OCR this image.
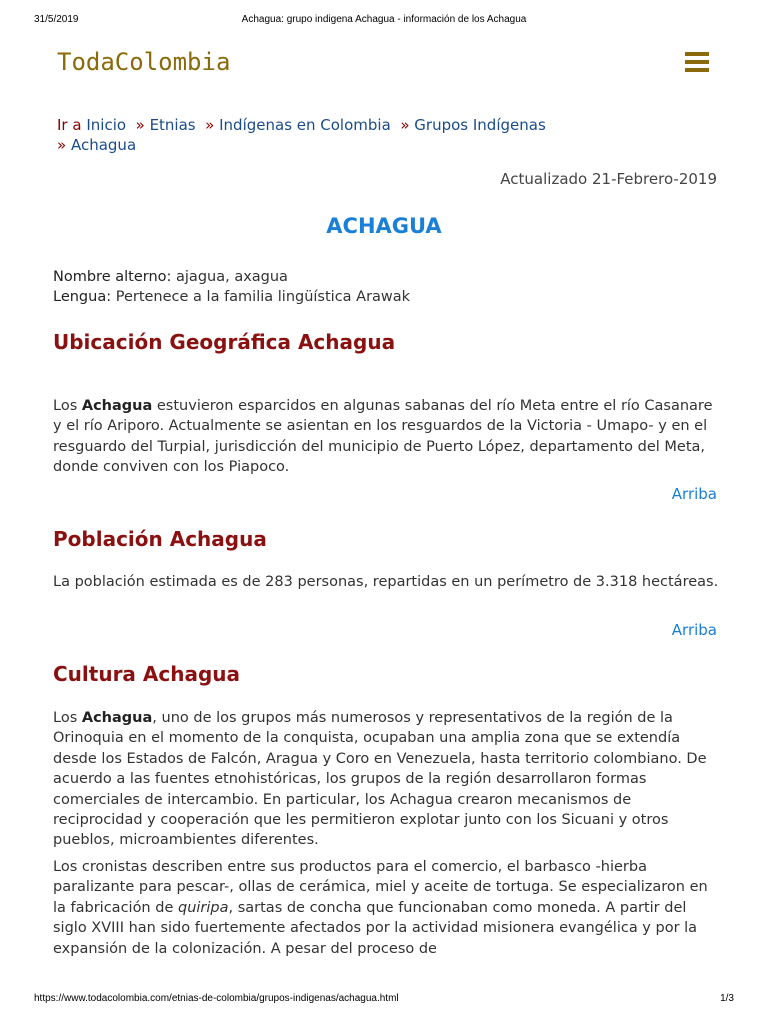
31/5/2019	Achagua: grupo indigena Achagua - información de los Achagua
TodaColombia
Ir a Inicio » Etnias » Indígenas en Colombia » Grupos Indígenas
» Achagua
Actualizado 21-Febrero-2019
ACHAGUA
Nombre alterno: ajagua, axagua
Lengua: Pertenece a la familia lingüística Arawak
Ubicación Geográfica Achagua

Los Achagua estuvieron esparcidos en algunas sabanas del río Meta entre el río Casanare y el río Ariporo. Actualmente se asientan en los resguardos de la Victoria - Umapo- y en el resguardo del Turpial, jurisdicción del municipio de Puerto López, departamento del Meta, donde conviven con los Piapoco.

Arriba
Población Achagua

La población estimada es de 283 personas, repartidas en un perímetro de 3.318 hectáreas.

Arriba
Cultura Achagua

Los Achagua, uno de los grupos más numerosos y representativos de la región de la Orinoquia en el momento de la conquista, ocupaban una amplia zona que se extendía desde los Estados de Falcón, Aragua y Coro en Venezuela, hasta territorio colombiano. De acuerdo a las fuentes etnohistóricas, los grupos de la región desarrollaron formas comerciales de intercambio. En particular, los Achagua crearon mecanismos de reciprocidad y cooperación que les permitieron explotar junto con los Sicuani y otros pueblos, microambientes diferentes.

Los cronistas describen entre sus productos para el comercio, el barbasco -hierba paralizante para pescar-, ollas de cerámica, miel y aceite de tortuga. Se especializaron en la fabricación de quiripa, sartas de concha que funcionaban como moneda. A partir del siglo XVIII han sido fuertemente afectados por la actividad misionera evangélica y por la expansión de la colonización. A pesar del proceso de

https://www.todacolombia.com/etnias-de-colombia/grupos-indigenas/achagua.html	1/3
